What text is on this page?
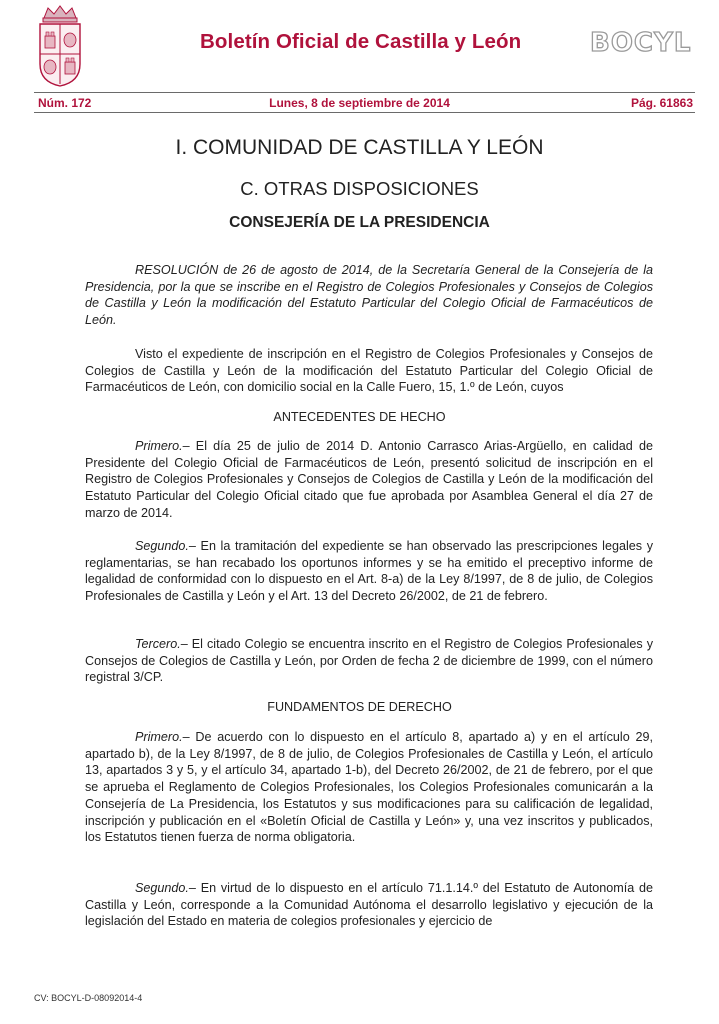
Boletín Oficial de Castilla y León	BOCYL
Núm. 172	Lunes, 8 de septiembre de 2014	Pág. 61863
I. COMUNIDAD DE CASTILLA Y LEÓN
C. OTRAS DISPOSICIONES
CONSEJERÍA DE LA PRESIDENCIA

RESOLUCIÓN de 26 de agosto de 2014, de la Secretaría General de la Consejería de la Presidencia, por la que se inscribe en el Registro de Colegios Profesionales y Consejos de Colegios de Castilla y León la modificación del Estatuto Particular del Colegio Oficial de Farmacéuticos de León.

Visto el expediente de inscripción en el Registro de Colegios Profesionales y Consejos de Colegios de Castilla y León de la modificación del Estatuto Particular del Colegio Oficial de Farmacéuticos de León, con domicilio social en la Calle Fuero, 15, 1.º de León, cuyos

ANTECEDENTES DE HECHO

Primero.– El día 25 de julio de 2014 D. Antonio Carrasco Arias-Argüello, en calidad de Presidente del Colegio Oficial de Farmacéuticos de León, presentó solicitud de inscripción en el Registro de Colegios Profesionales y Consejos de Colegios de Castilla y León de la modificación del Estatuto Particular del Colegio Oficial citado que fue aprobada por Asamblea General el día 27 de marzo de 2014.

Segundo.– En la tramitación del expediente se han observado las prescripciones legales y reglamentarias, se han recabado los oportunos informes y se ha emitido el preceptivo informe de legalidad de conformidad con lo dispuesto en el Art. 8-a) de la Ley 8/1997, de 8 de julio, de Colegios Profesionales de Castilla y León y el Art. 13 del Decreto 26/2002, de 21 de febrero.

Tercero.– El citado Colegio se encuentra inscrito en el Registro de Colegios Profesionales y Consejos de Colegios de Castilla y León, por Orden de fecha 2 de diciembre de 1999, con el número registral 3/CP.

FUNDAMENTOS DE DERECHO

Primero.– De acuerdo con lo dispuesto en el artículo 8, apartado a) y en el artículo 29, apartado b), de la Ley 8/1997, de 8 de julio, de Colegios Profesionales de Castilla y León, el artículo 13, apartados 3 y 5, y el artículo 34, apartado 1-b), del Decreto 26/2002, de 21 de febrero, por el que se aprueba el Reglamento de Colegios Profesionales, los Colegios Profesionales comunicarán a la Consejería de La Presidencia, los Estatutos y sus modificaciones para su calificación de legalidad, inscripción y publicación en el «Boletín Oficial de Castilla y León» y, una vez inscritos y publicados, los Estatutos tienen fuerza de norma obligatoria.

Segundo.– En virtud de lo dispuesto en el artículo 71.1.14.º del Estatuto de Autonomía de Castilla y León, corresponde a la Comunidad Autónoma el desarrollo legislativo y ejecución de la legislación del Estado en materia de colegios profesionales y ejercicio de

CV: BOCYL-D-08092014-4
